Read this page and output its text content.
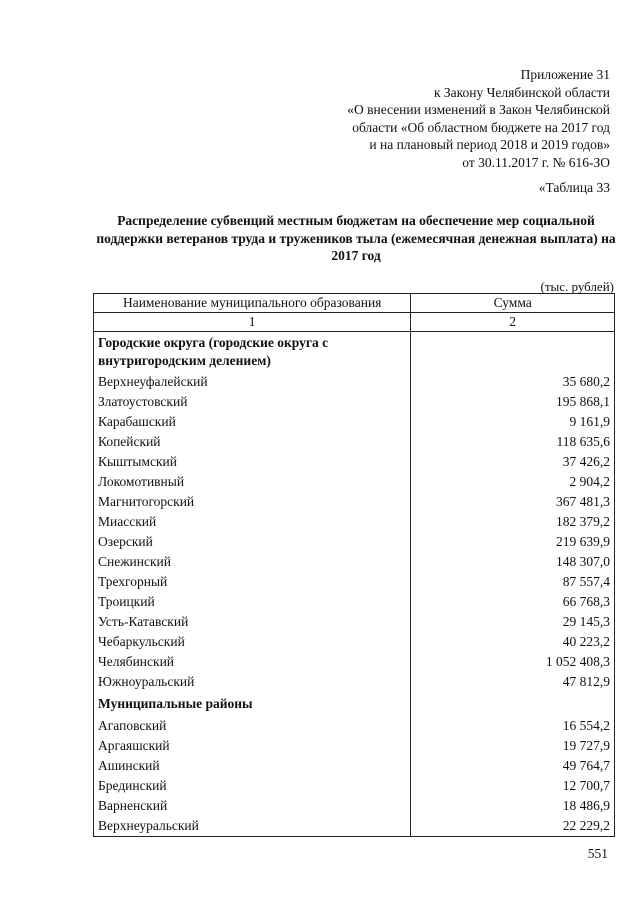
Приложение 31
к Закону Челябинской области
«О внесении изменений в Закон Челябинской
области «Об областном бюджете на 2017 год
и на плановый период 2018 и 2019 годов»
от 30.11.2017 г. № 616-ЗО
«Таблица 33
Распределение субвенций местным бюджетам на обеспечение мер социальной поддержки ветеранов труда и тружеников тыла (ежемесячная денежная выплата) на 2017 год
(тыс. рублей)
Наименование муниципального образования	Сумма
1	2
Городские округа (городские округа с внутригородским делением)	
Верхнеуфалейский	35 680,2
Златоустовский	195 868,1
Карабашский	9 161,9
Копейский	118 635,6
Кыштымский	37 426,2
Локомотивный	2 904,2
Магнитогорский	367 481,3
Миасский	182 379,2
Озерский	219 639,9
Снежинский	148 307,0
Трехгорный	87 557,4
Троицкий	66 768,3
Усть-Катавский	29 145,3
Чебаркульский	40 223,2
Челябинский	1 052 408,3
Южноуральский	47 812,9
Муниципальные районы	
Агаповский	16 554,2
Аргаяшский	19 727,9
Ашинский	49 764,7
Брединский	12 700,7
Варненский	18 486,9
Верхнеуральский	22 229,2
551
